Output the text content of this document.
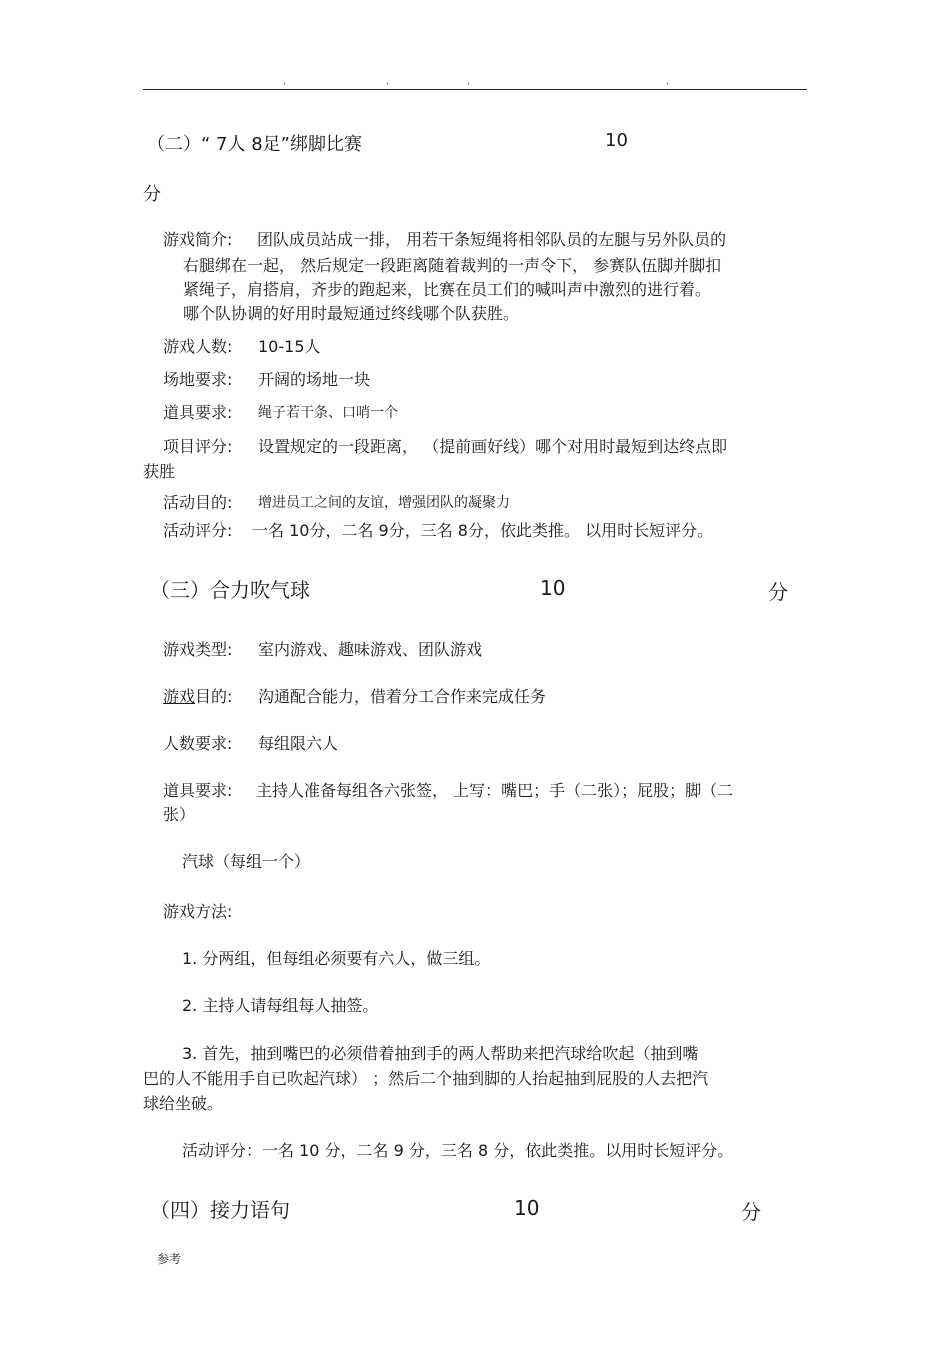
.	.	.	.
（二）“ 7人 8足”绑脚比赛	10
分
游戏简介: 团队成员站成一排， 用若干条短绳将相邻队员的左腿与另外队员的
右腿绑在一起， 然后规定一段距离随着裁判的一声令下， 参赛队伍脚并脚扣
紧绳子，肩搭肩，齐步的跑起来，比赛在员工们的喊叫声中激烈的进行着。
哪个队协调的好用时最短通过终线哪个队获胜。
游戏人数: 10-15人
场地要求: 开阔的场地一块
道具要求: 绳子若干条、口哨一个
项目评分: 设置规定的一段距离， （提前画好线）哪个对用时最短到达终点即
获胜
活动目的: 增进员工之间的友谊，增强团队的凝聚力
活动评分: 一名 10分，二名 9分，三名 8分，依此类推。 以用时长短评分。
（三）合力吹气球	10	分
游戏类型: 室内游戏、趣味游戏、团队游戏
游戏目的: 沟通配合能力，借着分工合作来完成任务
人数要求: 每组限六人
道具要求: 主持人准备每组各六张签， 上写：嘴巴；手（二张）；屁股；脚（二
张）
汽球（每组一个）
游戏方法:
1. 分两组，但每组必须要有六人，做三组。
2. 主持人请每组每人抽签。
3. 首先，抽到嘴巴的必须借着抽到手的两人帮助来把汽球给吹起（抽到嘴
巴的人不能用手自已吹起汽球） ；然后二个抽到脚的人抬起抽到屁股的人去把汽
球给坐破。
活动评分：一名 10 分，二名 9 分，三名 8 分，依此类推。以用时长短评分。
（四）接力语句	10	分
参考
